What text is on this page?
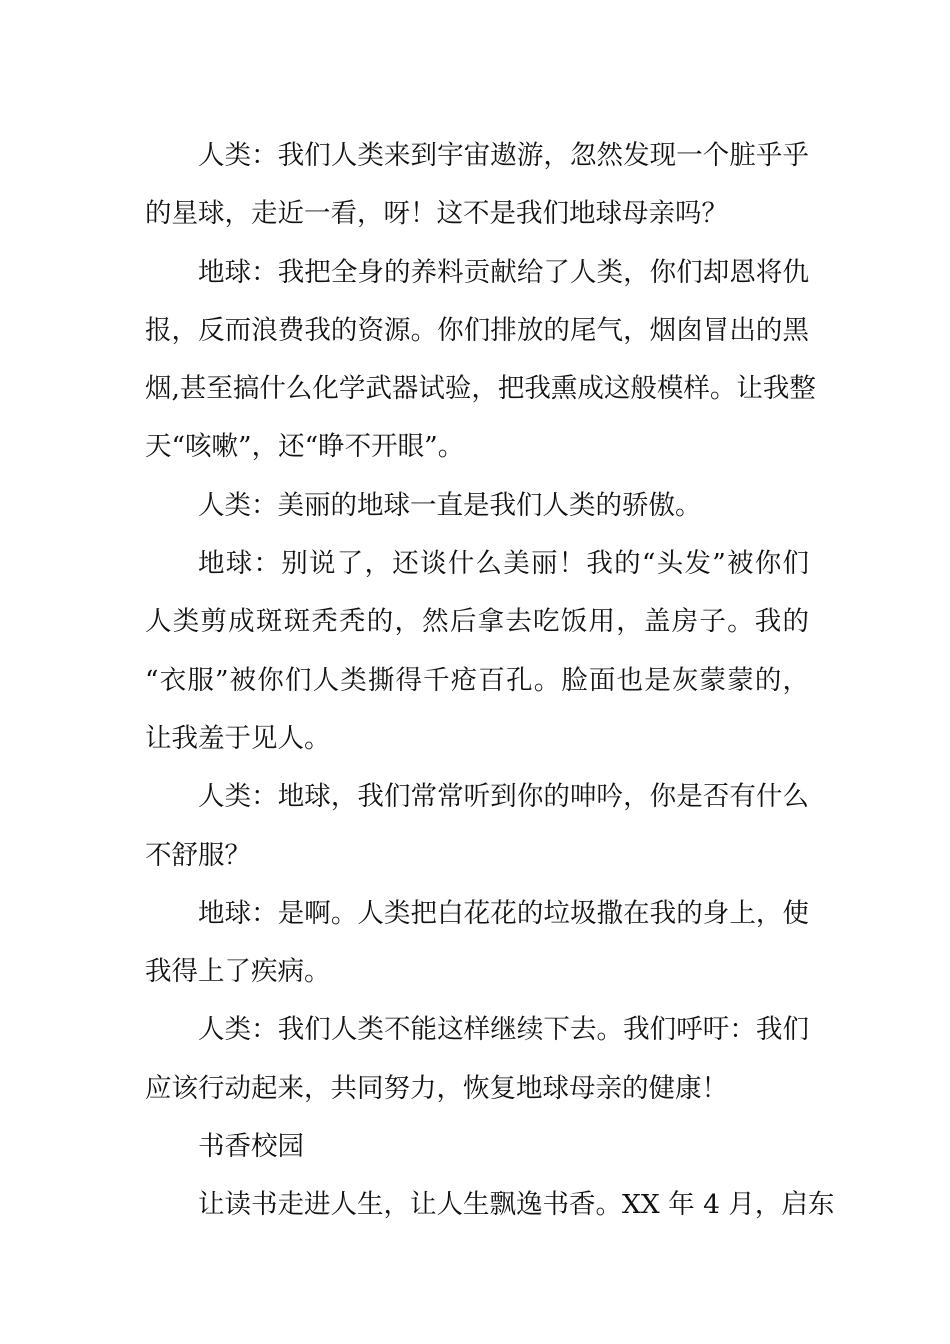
人类：我们人类来到宇宙遨游，忽然发现一个脏乎乎
的星球，走近一看，呀！这不是我们地球母亲吗？

地球：我把全身的养料贡献给了人类，你们却恩将仇
报，反而浪费我的资源。你们排放的尾气，烟囱冒出的黑
烟,甚至搞什么化学武器试验，把我熏成这般模样。让我整
天“咳嗽”，还“睁不开眼”。

人类：美丽的地球一直是我们人类的骄傲。

地球：别说了，还谈什么美丽！我的“头发”被你们
人类剪成斑斑秃秃的，然后拿去吃饭用，盖房子。我的
“衣服”被你们人类撕得千疮百孔。脸面也是灰蒙蒙的，
让我羞于见人。

人类：地球，我们常常听到你的呻吟，你是否有什么
不舒服？

地球：是啊。人类把白花花的垃圾撒在我的身上，使
我得上了疾病。

人类：我们人类不能这样继续下去。我们呼吁：我们
应该行动起来，共同努力，恢复地球母亲的健康！

书香校园

让读书走进人生，让人生飘逸书香。XX 年 4 月，启东
